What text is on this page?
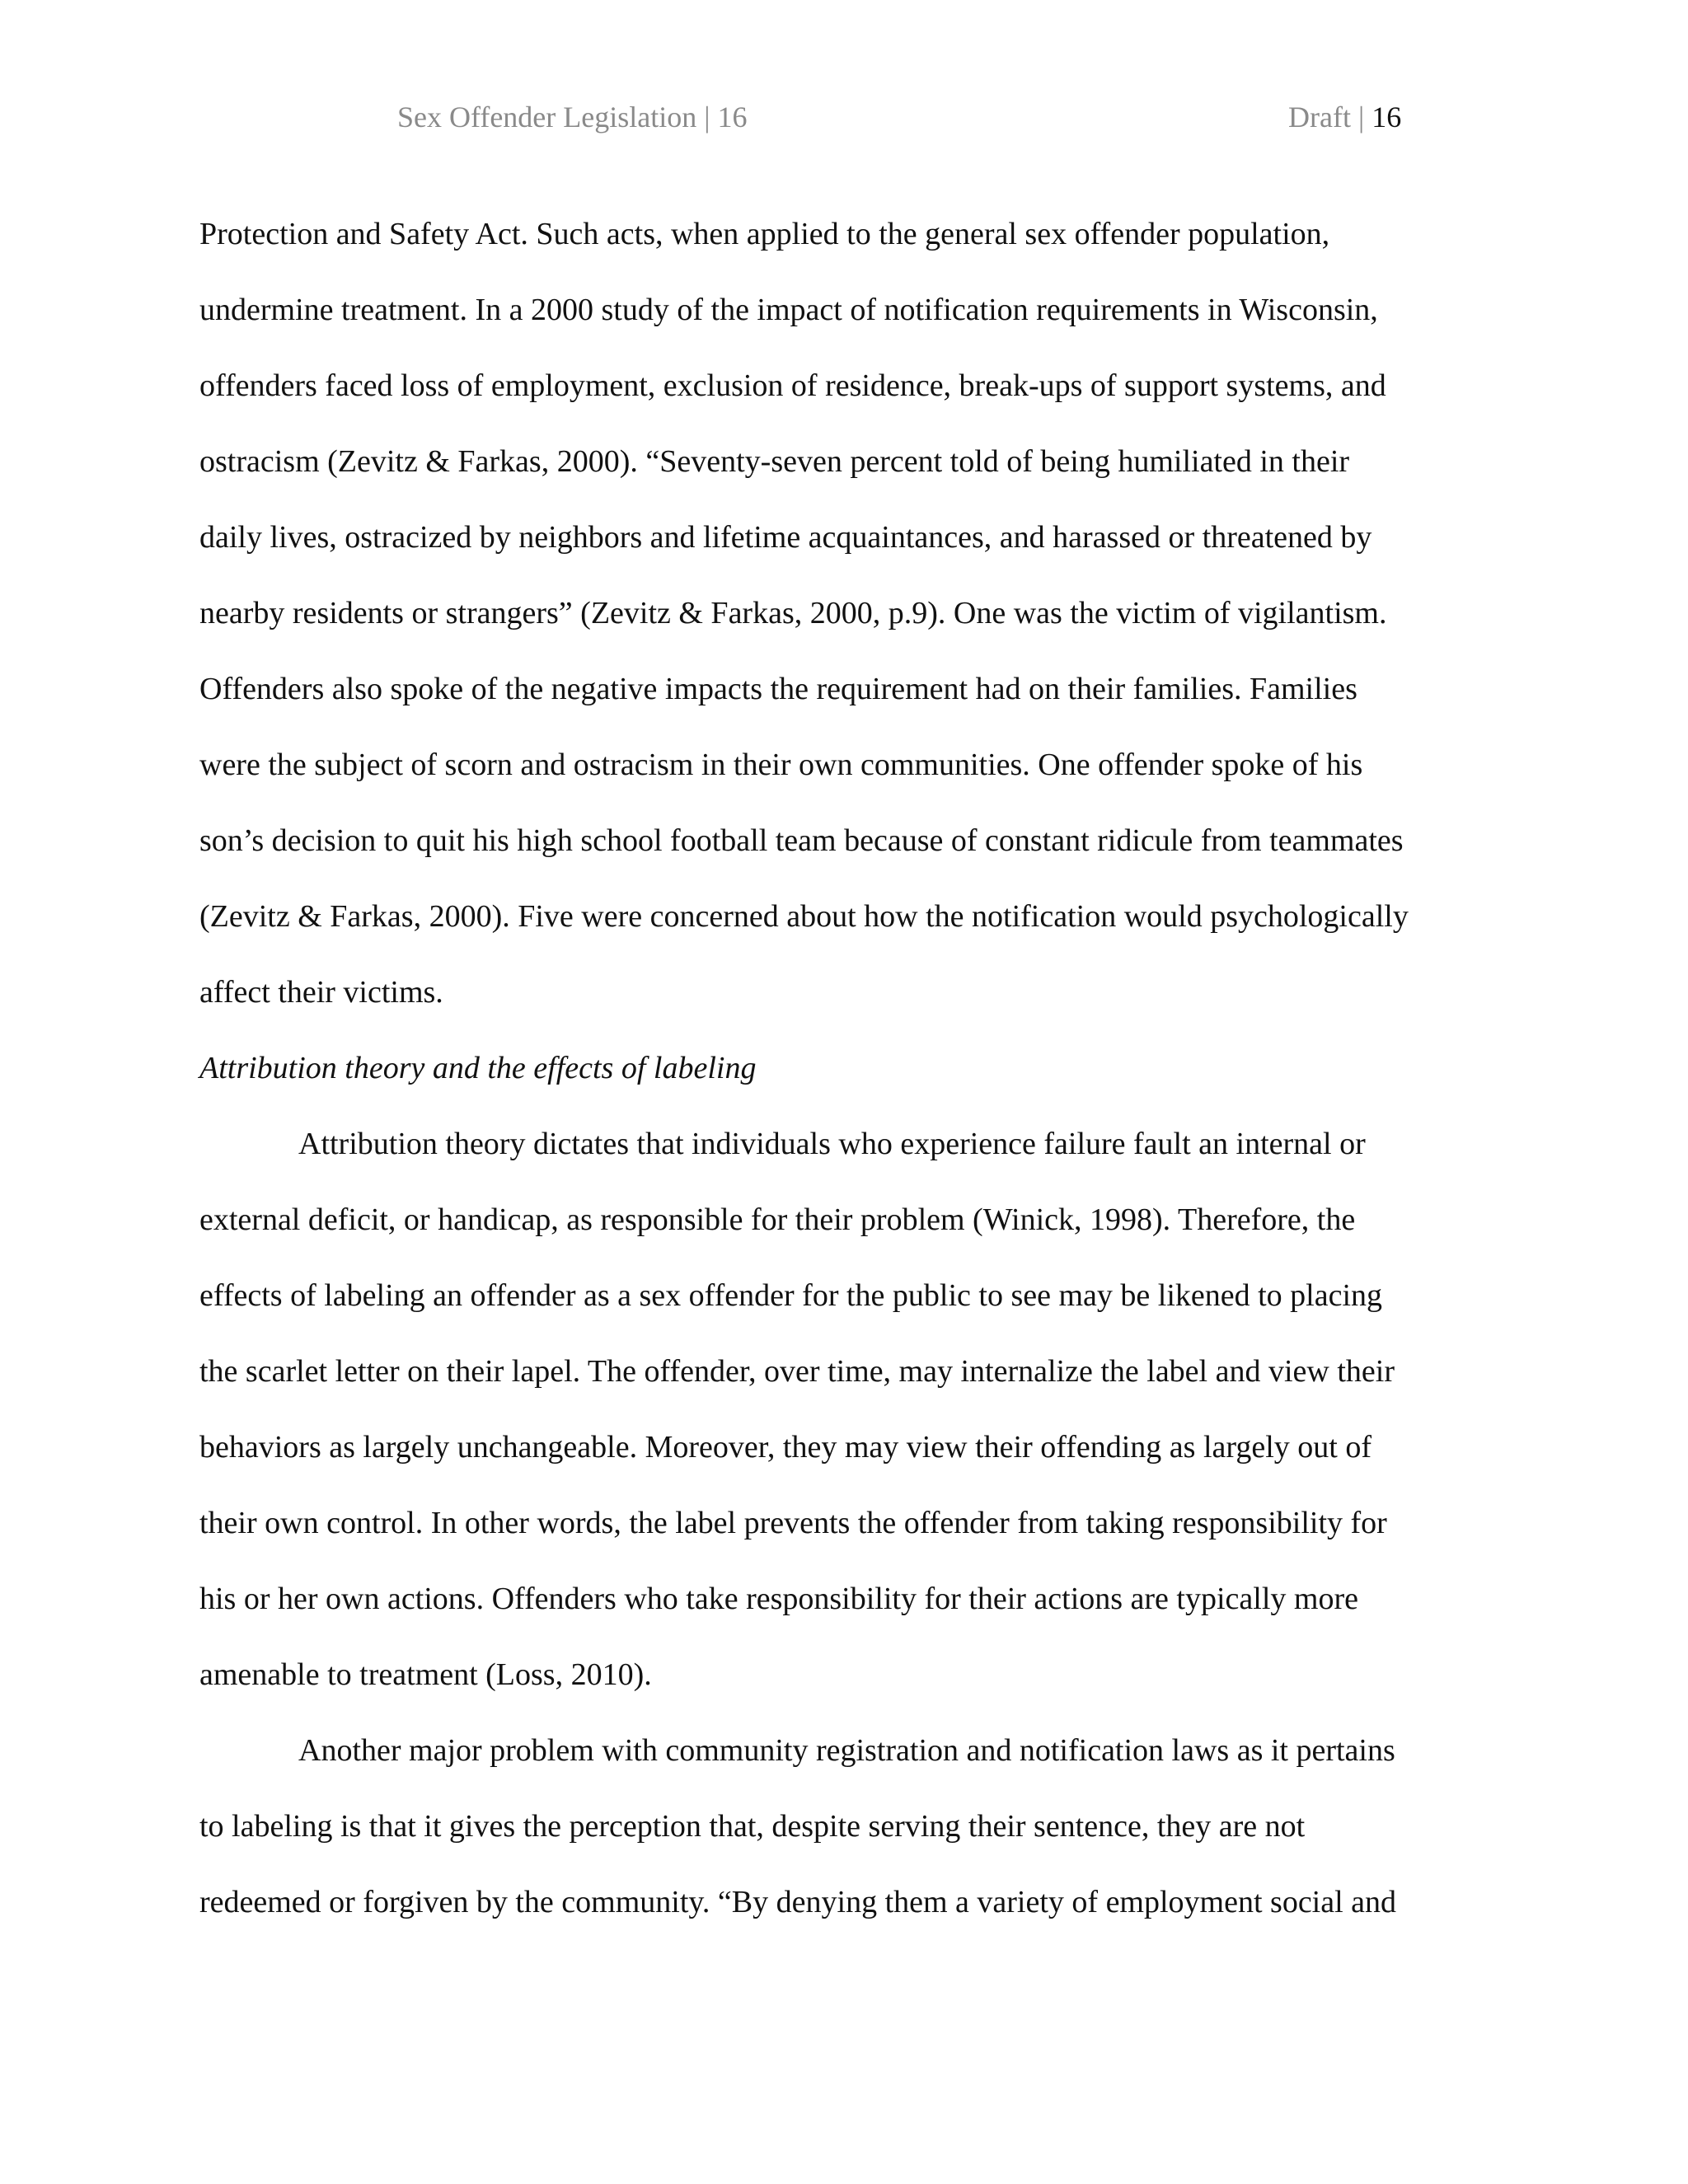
Sex Offender Legislation | 16	Draft | 16
Protection and Safety Act. Such acts, when applied to the general sex offender population,
undermine treatment. In a 2000 study of the impact of notification requirements in Wisconsin,
offenders faced loss of employment, exclusion of residence, break-ups of support systems, and
ostracism (Zevitz & Farkas, 2000). “Seventy-seven percent told of being humiliated in their
daily lives, ostracized by neighbors and lifetime acquaintances, and harassed or threatened by
nearby residents or strangers” (Zevitz & Farkas, 2000, p.9). One was the victim of vigilantism.
Offenders also spoke of the negative impacts the requirement had on their families. Families
were the subject of scorn and ostracism in their own communities. One offender spoke of his
son’s decision to quit his high school football team because of constant ridicule from teammates
(Zevitz & Farkas, 2000). Five were concerned about how the notification would psychologically
affect their victims.
Attribution theory and the effects of labeling
Attribution theory dictates that individuals who experience failure fault an internal or
external deficit, or handicap, as responsible for their problem (Winick, 1998). Therefore, the
effects of labeling an offender as a sex offender for the public to see may be likened to placing
the scarlet letter on their lapel. The offender, over time, may internalize the label and view their
behaviors as largely unchangeable. Moreover, they may view their offending as largely out of
their own control. In other words, the label prevents the offender from taking responsibility for
his or her own actions. Offenders who take responsibility for their actions are typically more
amenable to treatment (Loss, 2010).
Another major problem with community registration and notification laws as it pertains
to labeling is that it gives the perception that, despite serving their sentence, they are not
redeemed or forgiven by the community. “By denying them a variety of employment social and
